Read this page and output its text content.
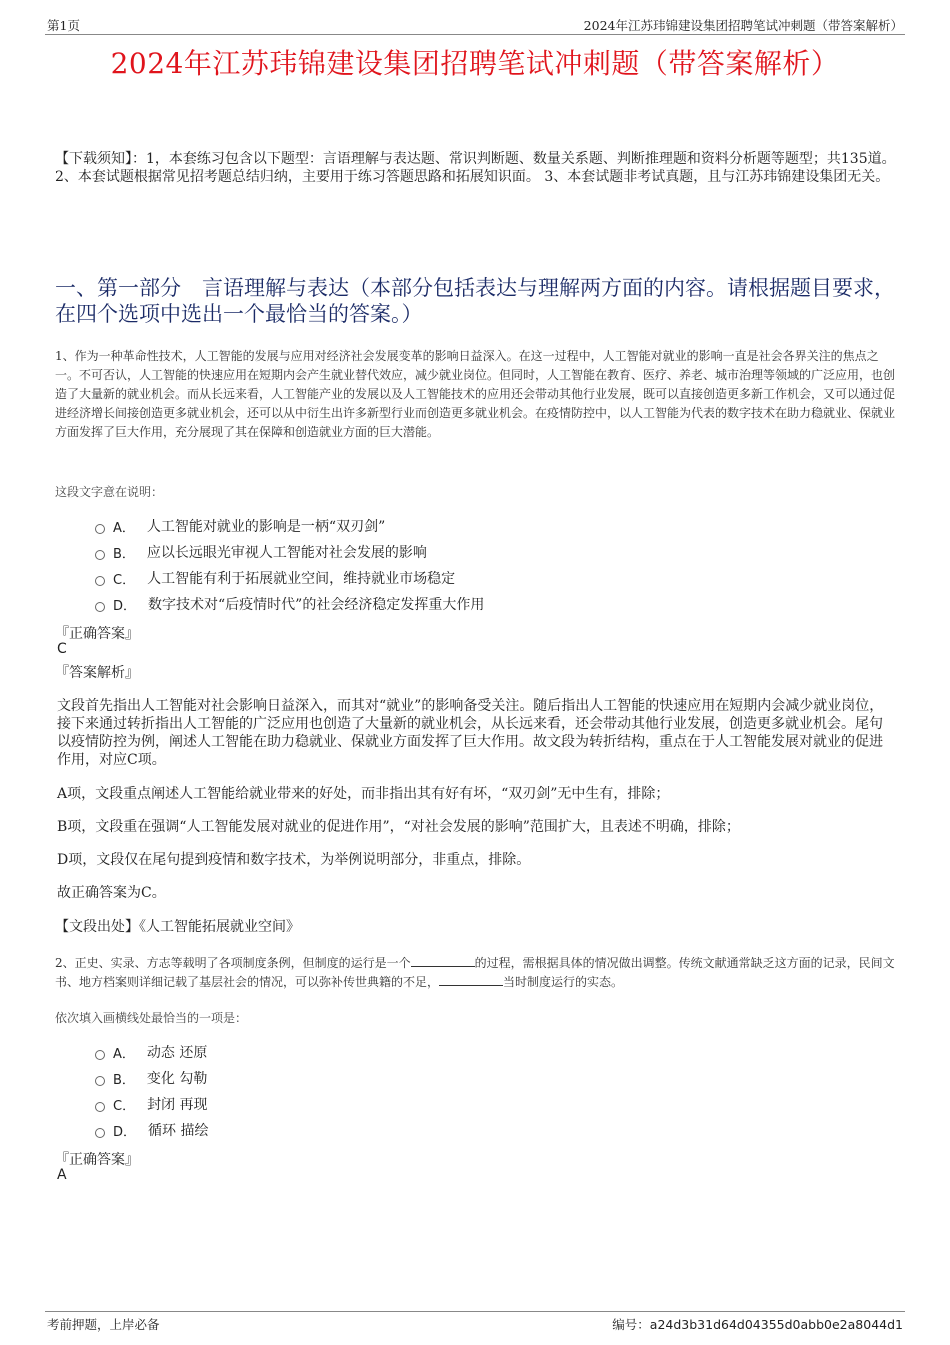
第1页	2024年江苏玮锦建设集团招聘笔试冲刺题（带答案解析）
2024年江苏玮锦建设集团招聘笔试冲刺题（带答案解析）
【下载须知】：1，本套练习包含以下题型：言语理解与表达题、常识判断题、数量关系题、判断推理题和资料分析题等题型；共135道。 2、本套试题根据常见招考题总结归纳，主要用于练习答题思路和拓展知识面。 3、本套试题非考试真题，且与江苏玮锦建设集团无关。
一、第一部分　言语理解与表达（本部分包括表达与理解两方面的内容。请根据题目要求，在四个选项中选出一个最恰当的答案。）
1、作为一种革命性技术，人工智能的发展与应用对经济社会发展变革的影响日益深入。在这一过程中，人工智能对就业的影响一直是社会各界关注的焦点之一。不可否认，人工智能的快速应用在短期内会产生就业替代效应，减少就业岗位。但同时，人工智能在教育、医疗、养老、城市治理等领域的广泛应用，也创造了大量新的就业机会。而从长远来看，人工智能产业的发展以及人工智能技术的应用还会带动其他行业发展，既可以直接创造更多新工作机会，又可以通过促进经济增长间接创造更多就业机会，还可以从中衍生出许多新型行业而创造更多就业机会。在疫情防控中，以人工智能为代表的数字技术在助力稳就业、保就业方面发挥了巨大作用，充分展现了其在保障和创造就业方面的巨大潜能。
这段文字意在说明：
A． 人工智能对就业的影响是一柄“双刃剑”
B． 应以长远眼光审视人工智能对社会发展的影响
C． 人工智能有利于拓展就业空间，维持就业市场稳定
D． 数字技术对“后疫情时代”的社会经济稳定发挥重大作用
『正确答案』
C
『答案解析』
文段首先指出人工智能对社会影响日益深入，而其对“就业”的影响备受关注。随后指出人工智能的快速应用在短期内会减少就业岗位，接下来通过转折指出人工智能的广泛应用也创造了大量新的就业机会，从长远来看，还会带动其他行业发展，创造更多就业机会。尾句以疫情防控为例，阐述人工智能在助力稳就业、保就业方面发挥了巨大作用。故文段为转折结构，重点在于人工智能发展对就业的促进作用，对应C项。
A项，文段重点阐述人工智能给就业带来的好处，而非指出其有好有坏，“双刃剑”无中生有，排除；
B项，文段重在强调“人工智能发展对就业的促进作用”，“对社会发展的影响”范围扩大，且表述不明确，排除；
D项，文段仅在尾句提到疫情和数字技术，为举例说明部分，非重点，排除。
故正确答案为C。
【文段出处】《人工智能拓展就业空间》
2、正史、实录、方志等载明了各项制度条例，但制度的运行是一个	的过程，需根据具体的情况做出调整。传统文献通常缺乏这方面的记录，民间文书、地方档案则详细记载了基层社会的情况，可以弥补传世典籍的不足，	当时制度运行的实态。
依次填入画横线处最恰当的一项是：
A． 动态 还原
B． 变化 勾勒
C． 封闭 再现
D． 循环 描绘
『正确答案』
A
考前押题，上岸必备	编号：a24d3b31d64d04355d0abb0e2a8044d1
